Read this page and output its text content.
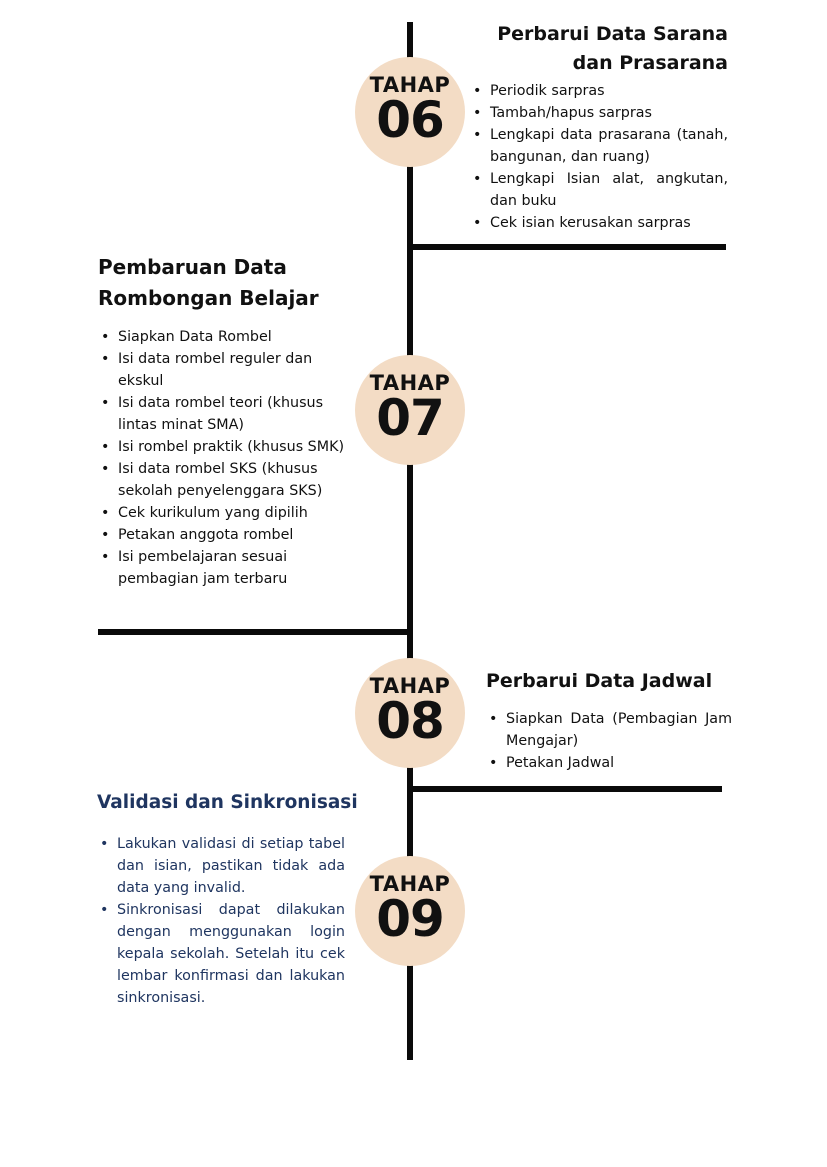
TAHAP
06

Perbarui Data Sarana
dan Prasarana

• Periodik sarpras
• Tambah/hapus sarpras
• Lengkapi data prasarana (tanah, bangunan, dan ruang)
• Lengkapi Isian alat, angkutan, dan buku
• Cek isian kerusakan sarpras
TAHAP
07

Pembaruan Data
Rombongan Belajar

• Siapkan Data Rombel
• Isi data rombel reguler dan ekskul
• Isi data rombel teori (khusus lintas minat SMA)
• Isi rombel praktik (khusus SMK)
• Isi data rombel SKS (khusus sekolah penyelenggara SKS)
• Cek kurikulum yang dipilih
• Petakan anggota rombel
• Isi pembelajaran sesuai pembagian jam terbaru
TAHAP
08

Perbarui Data Jadwal

• Siapkan Data (Pembagian Jam Mengajar)
• Petakan Jadwal
TAHAP
09

Validasi dan Sinkronisasi

• Lakukan validasi di setiap tabel dan isian, pastikan tidak ada data yang invalid.
• Sinkronisasi dapat dilakukan dengan menggunakan login kepala sekolah. Setelah itu cek lembar konfirmasi dan lakukan sinkronisasi.
